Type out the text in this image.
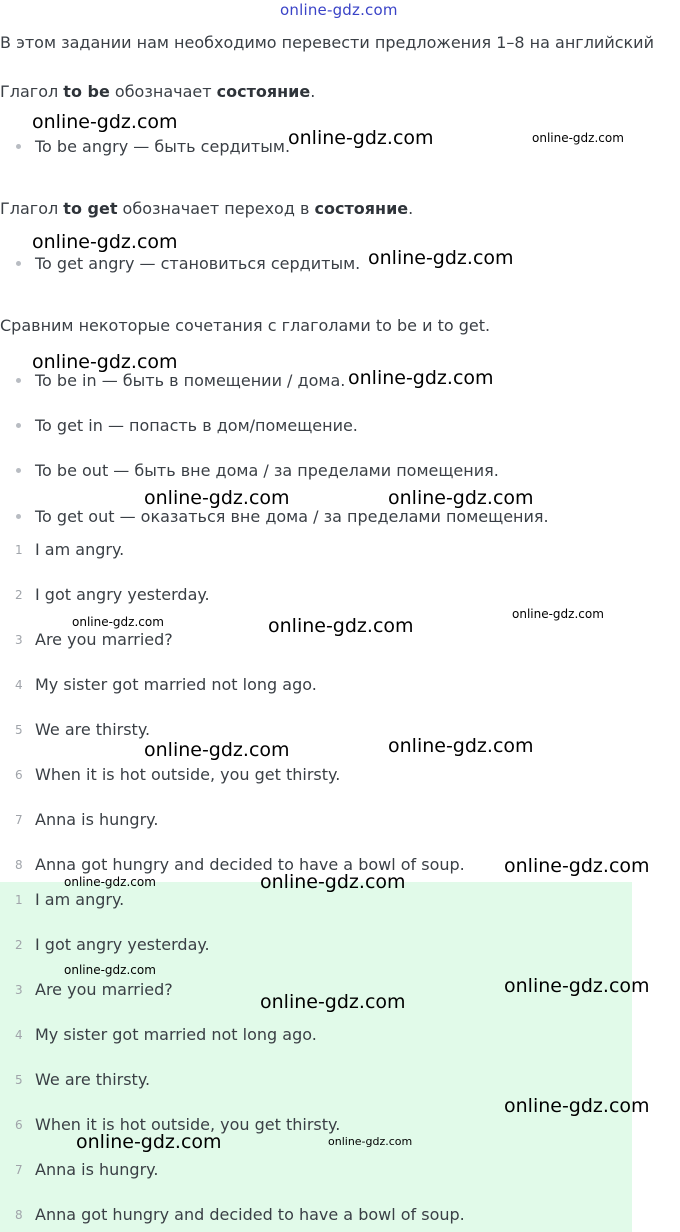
online-gdz.com
В этом задании нам необходимо перевести предложения 1–8 на английский
Глагол to be обозначает состояние.
To be angry — быть сердитым.
Глагол to get обозначает переход в состояние.
To get angry — становиться сердитым.
Сравним некоторые сочетания с глаголами to be и to get.
To be in — быть в помещении / дома.
To get in — попасть в дом/помещение.
To be out — быть вне дома / за пределами помещения.
To get out — оказаться вне дома / за пределами помещения.
1 I am angry.
2 I got angry yesterday.
3 Are you married?
4 My sister got married not long ago.
5 We are thirsty.
6 When it is hot outside, you get thirsty.
7 Anna is hungry.
8 Anna got hungry and decided to have a bowl of soup.
1 I am angry.
2 I got angry yesterday.
3 Are you married?
4 My sister got married not long ago.
5 We are thirsty.
6 When it is hot outside, you get thirsty.
7 Anna is hungry.
8 Anna got hungry and decided to have a bowl of soup.
online-gdz.com
online-gdz.com	online-gdz.com
online-gdz.com
online-gdz.com
online-gdz.com
online-gdz.com
online-gdz.com	online-gdz.com
online-gdz.com
online-gdz.com	online-gdz.com
online-gdz.com
online-gdz.com
online-gdz.com
online-gdz.com	online-gdz.com
online-gdz.com
online-gdz.com
online-gdz.com
online-gdz.com
online-gdz.com	online-gdz.com
